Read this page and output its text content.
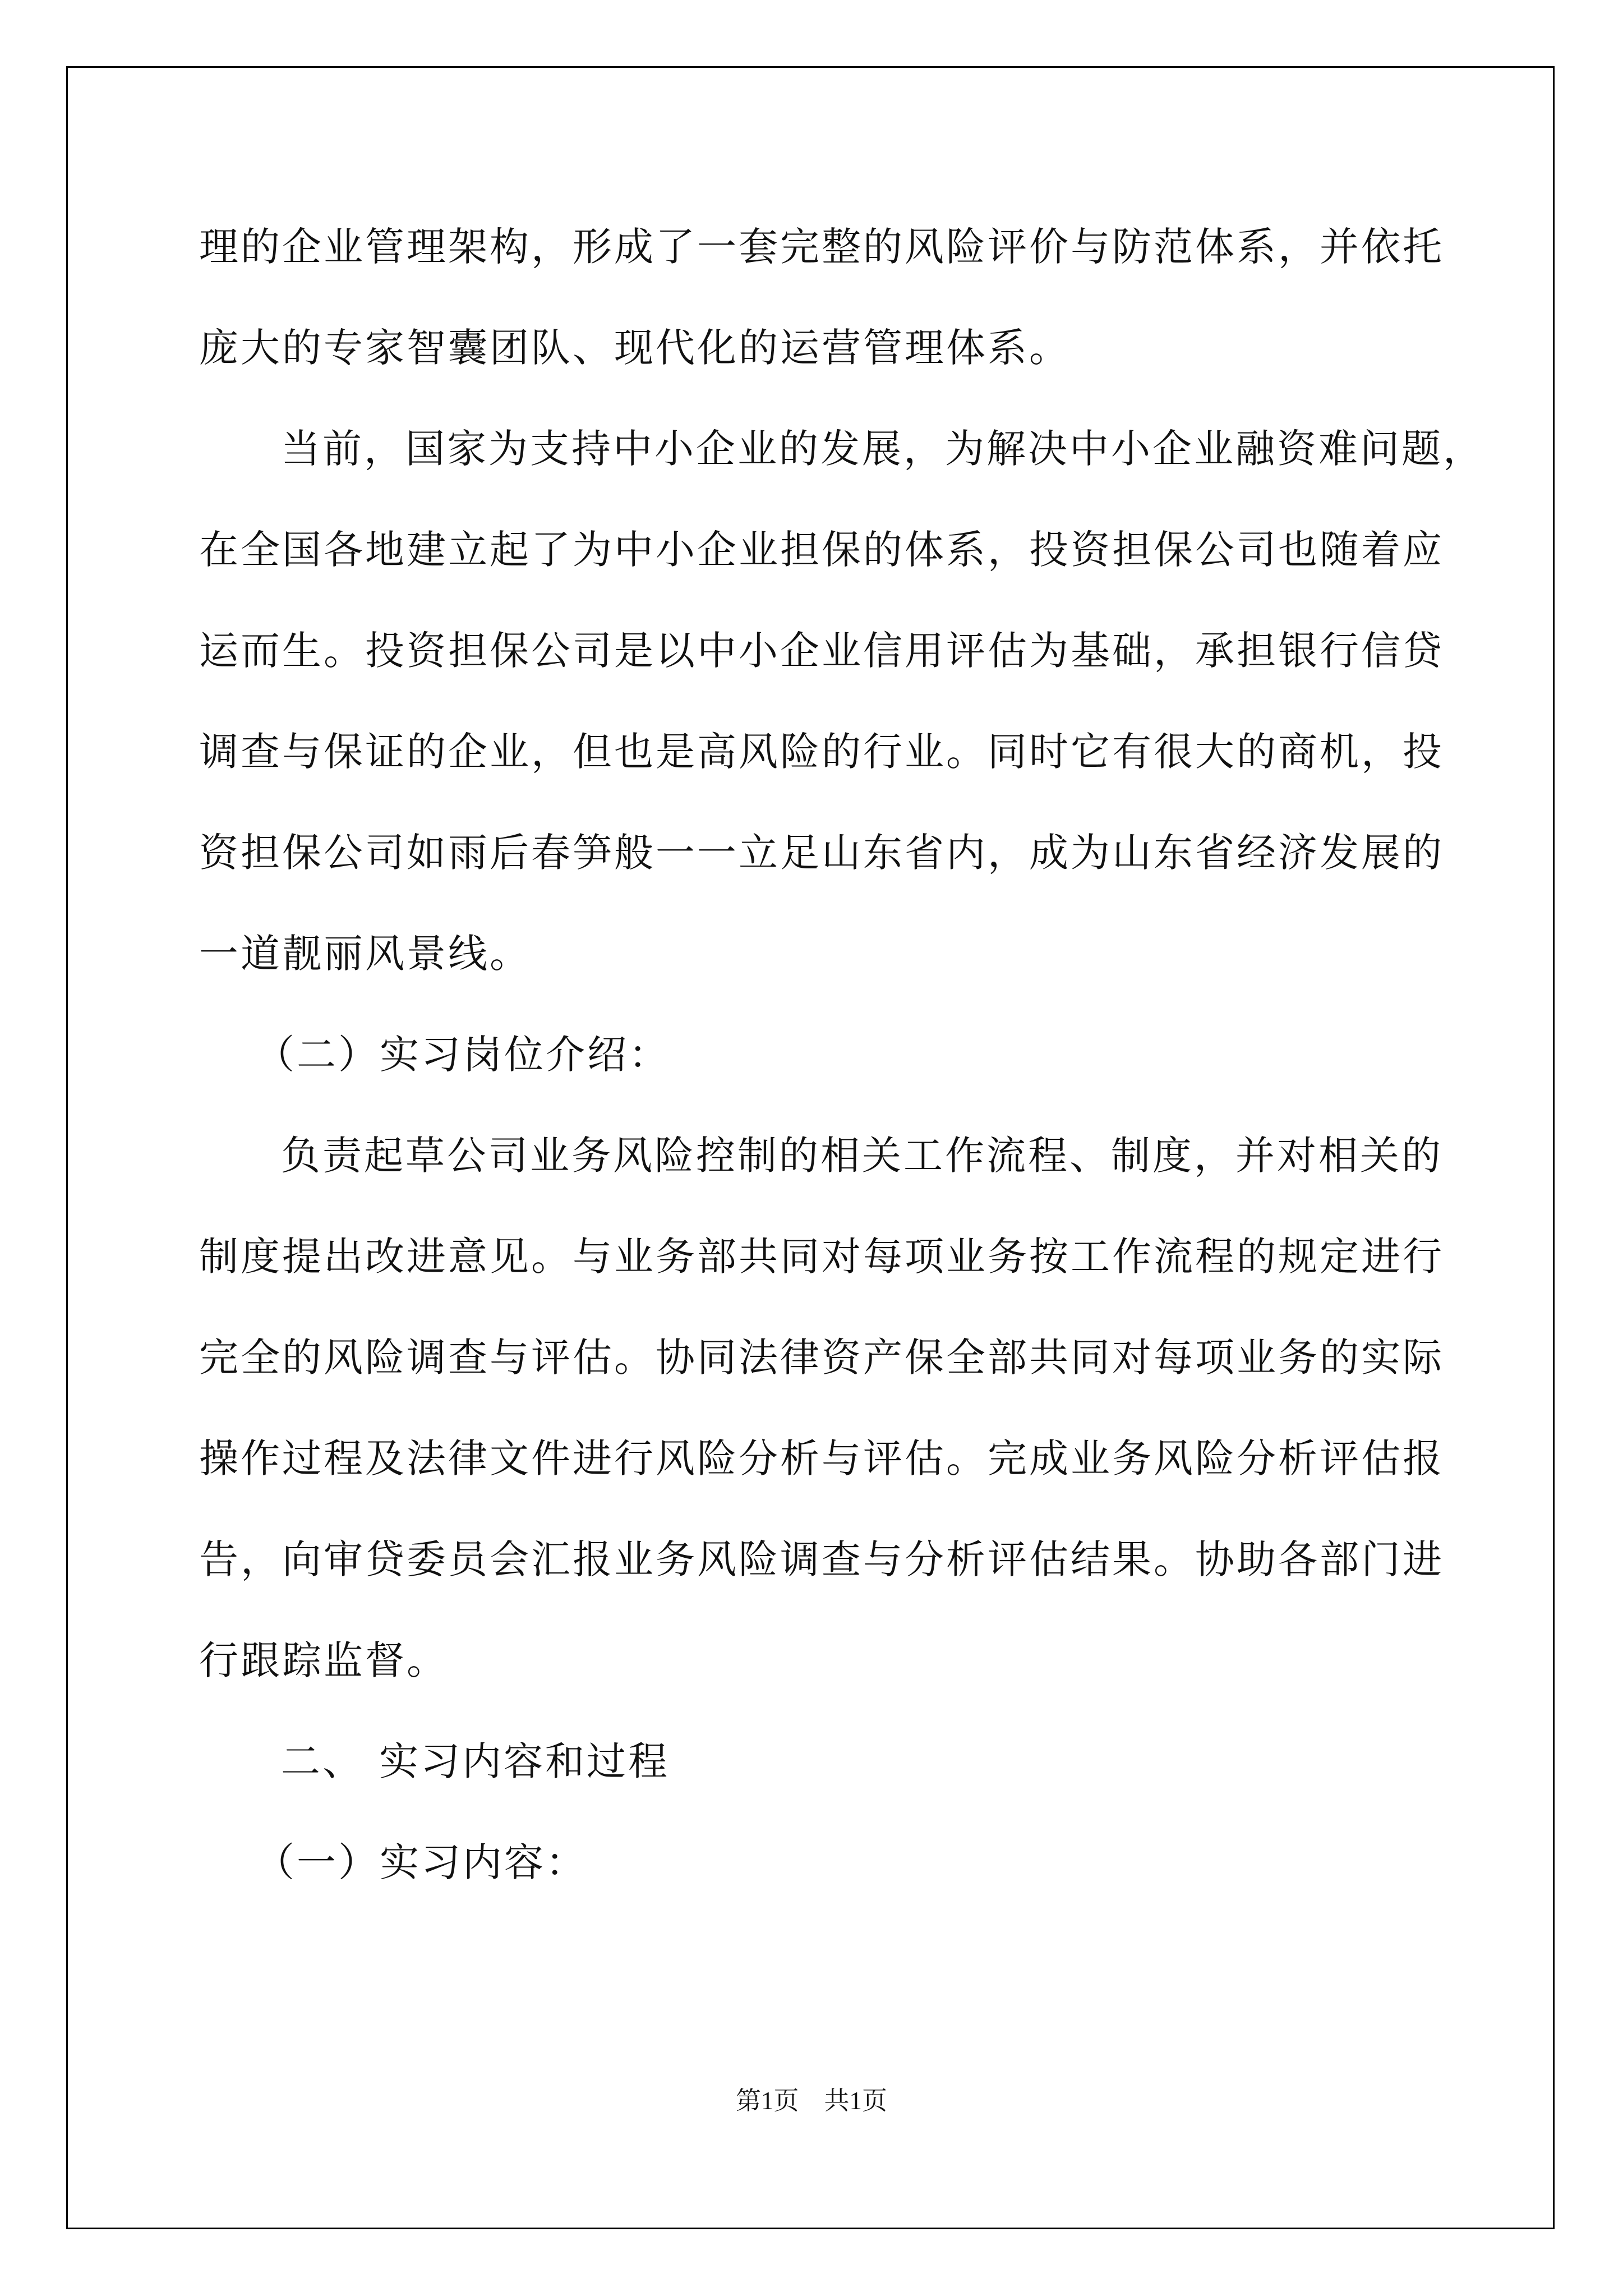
理的企业管理架构，形成了一套完整的风险评价与防范体系，并依托
庞大的专家智囊团队、现代化的运营管理体系。
当前，国家为支持中小企业的发展，为解决中小企业融资难问题，
在全国各地建立起了为中小企业担保的体系，投资担保公司也随着应
运而生。投资担保公司是以中小企业信用评估为基础，承担银行信贷
调查与保证的企业，但也是高风险的行业。同时它有很大的商机，投
资担保公司如雨后春笋般一一立足山东省内，成为山东省经济发展的
一道靓丽风景线。
（二）实习岗位介绍：
负责起草公司业务风险控制的相关工作流程、制度，并对相关的
制度提出改进意见。与业务部共同对每项业务按工作流程的规定进行
完全的风险调查与评估。协同法律资产保全部共同对每项业务的实际
操作过程及法律文件进行风险分析与评估。完成业务风险分析评估报
告，向审贷委员会汇报业务风险调查与分析评估结果。协助各部门进
行跟踪监督。
二、 实习内容和过程
（一）实习内容：
第1页　共1页
